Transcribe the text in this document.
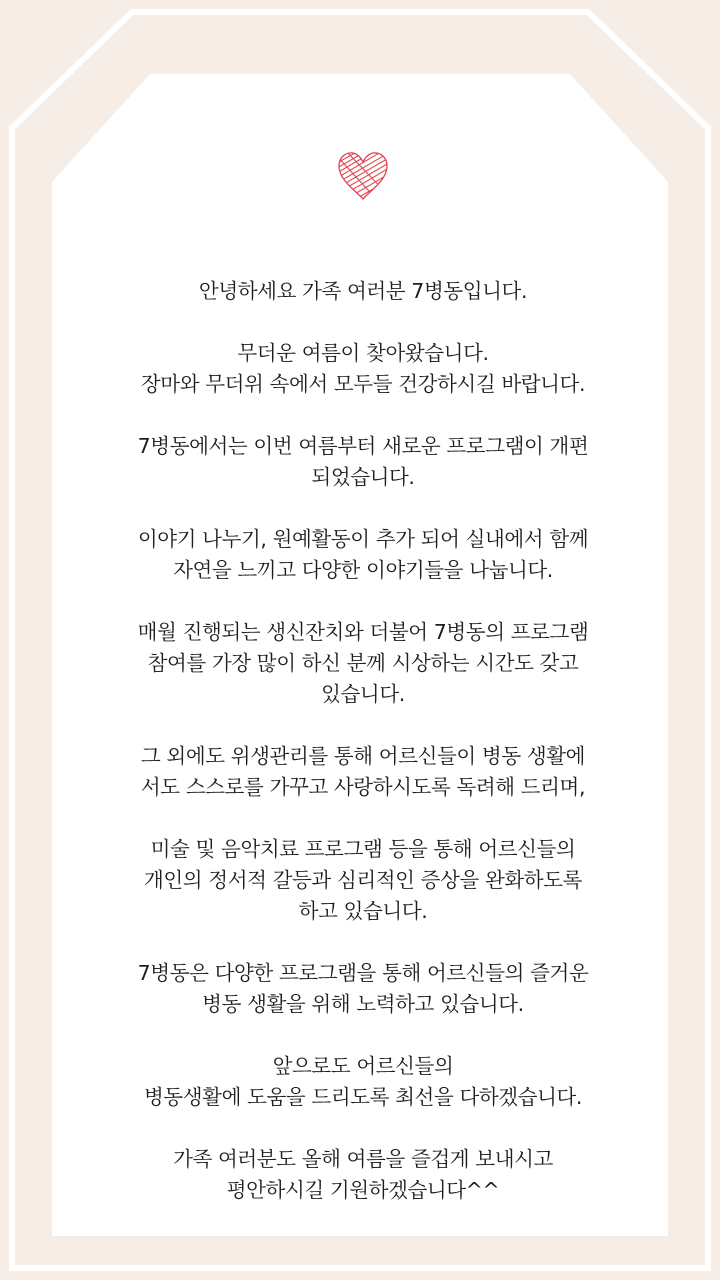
안녕하세요 가족 여러분 7병동입니다.
무더운 여름이 찾아왔습니다.
장마와 무더위 속에서 모두들 건강하시길 바랍니다.
7병동에서는 이번 여름부터 새로운 프로그램이 개편
되었습니다.
이야기 나누기, 원예활동이 추가 되어 실내에서 함께
자연을 느끼고 다양한 이야기들을 나눕니다.
매월 진행되는 생신잔치와 더불어 7병동의 프로그램
참여를 가장 많이 하신 분께 시상하는 시간도 갖고
있습니다.
그 외에도 위생관리를 통해 어르신들이 병동 생활에
서도 스스로를 가꾸고 사랑하시도록 독려해 드리며,
미술 및 음악치료 프로그램 등을 통해 어르신들의
개인의 정서적 갈등과 심리적인 증상을 완화하도록
하고 있습니다.
7병동은 다양한 프로그램을 통해 어르신들의 즐거운
병동 생활을 위해 노력하고 있습니다.
앞으로도 어르신들의
병동생활에 도움을 드리도록 최선을 다하겠습니다.
가족 여러분도 올해 여름을 즐겁게 보내시고
평안하시길 기원하겠습니다^^
